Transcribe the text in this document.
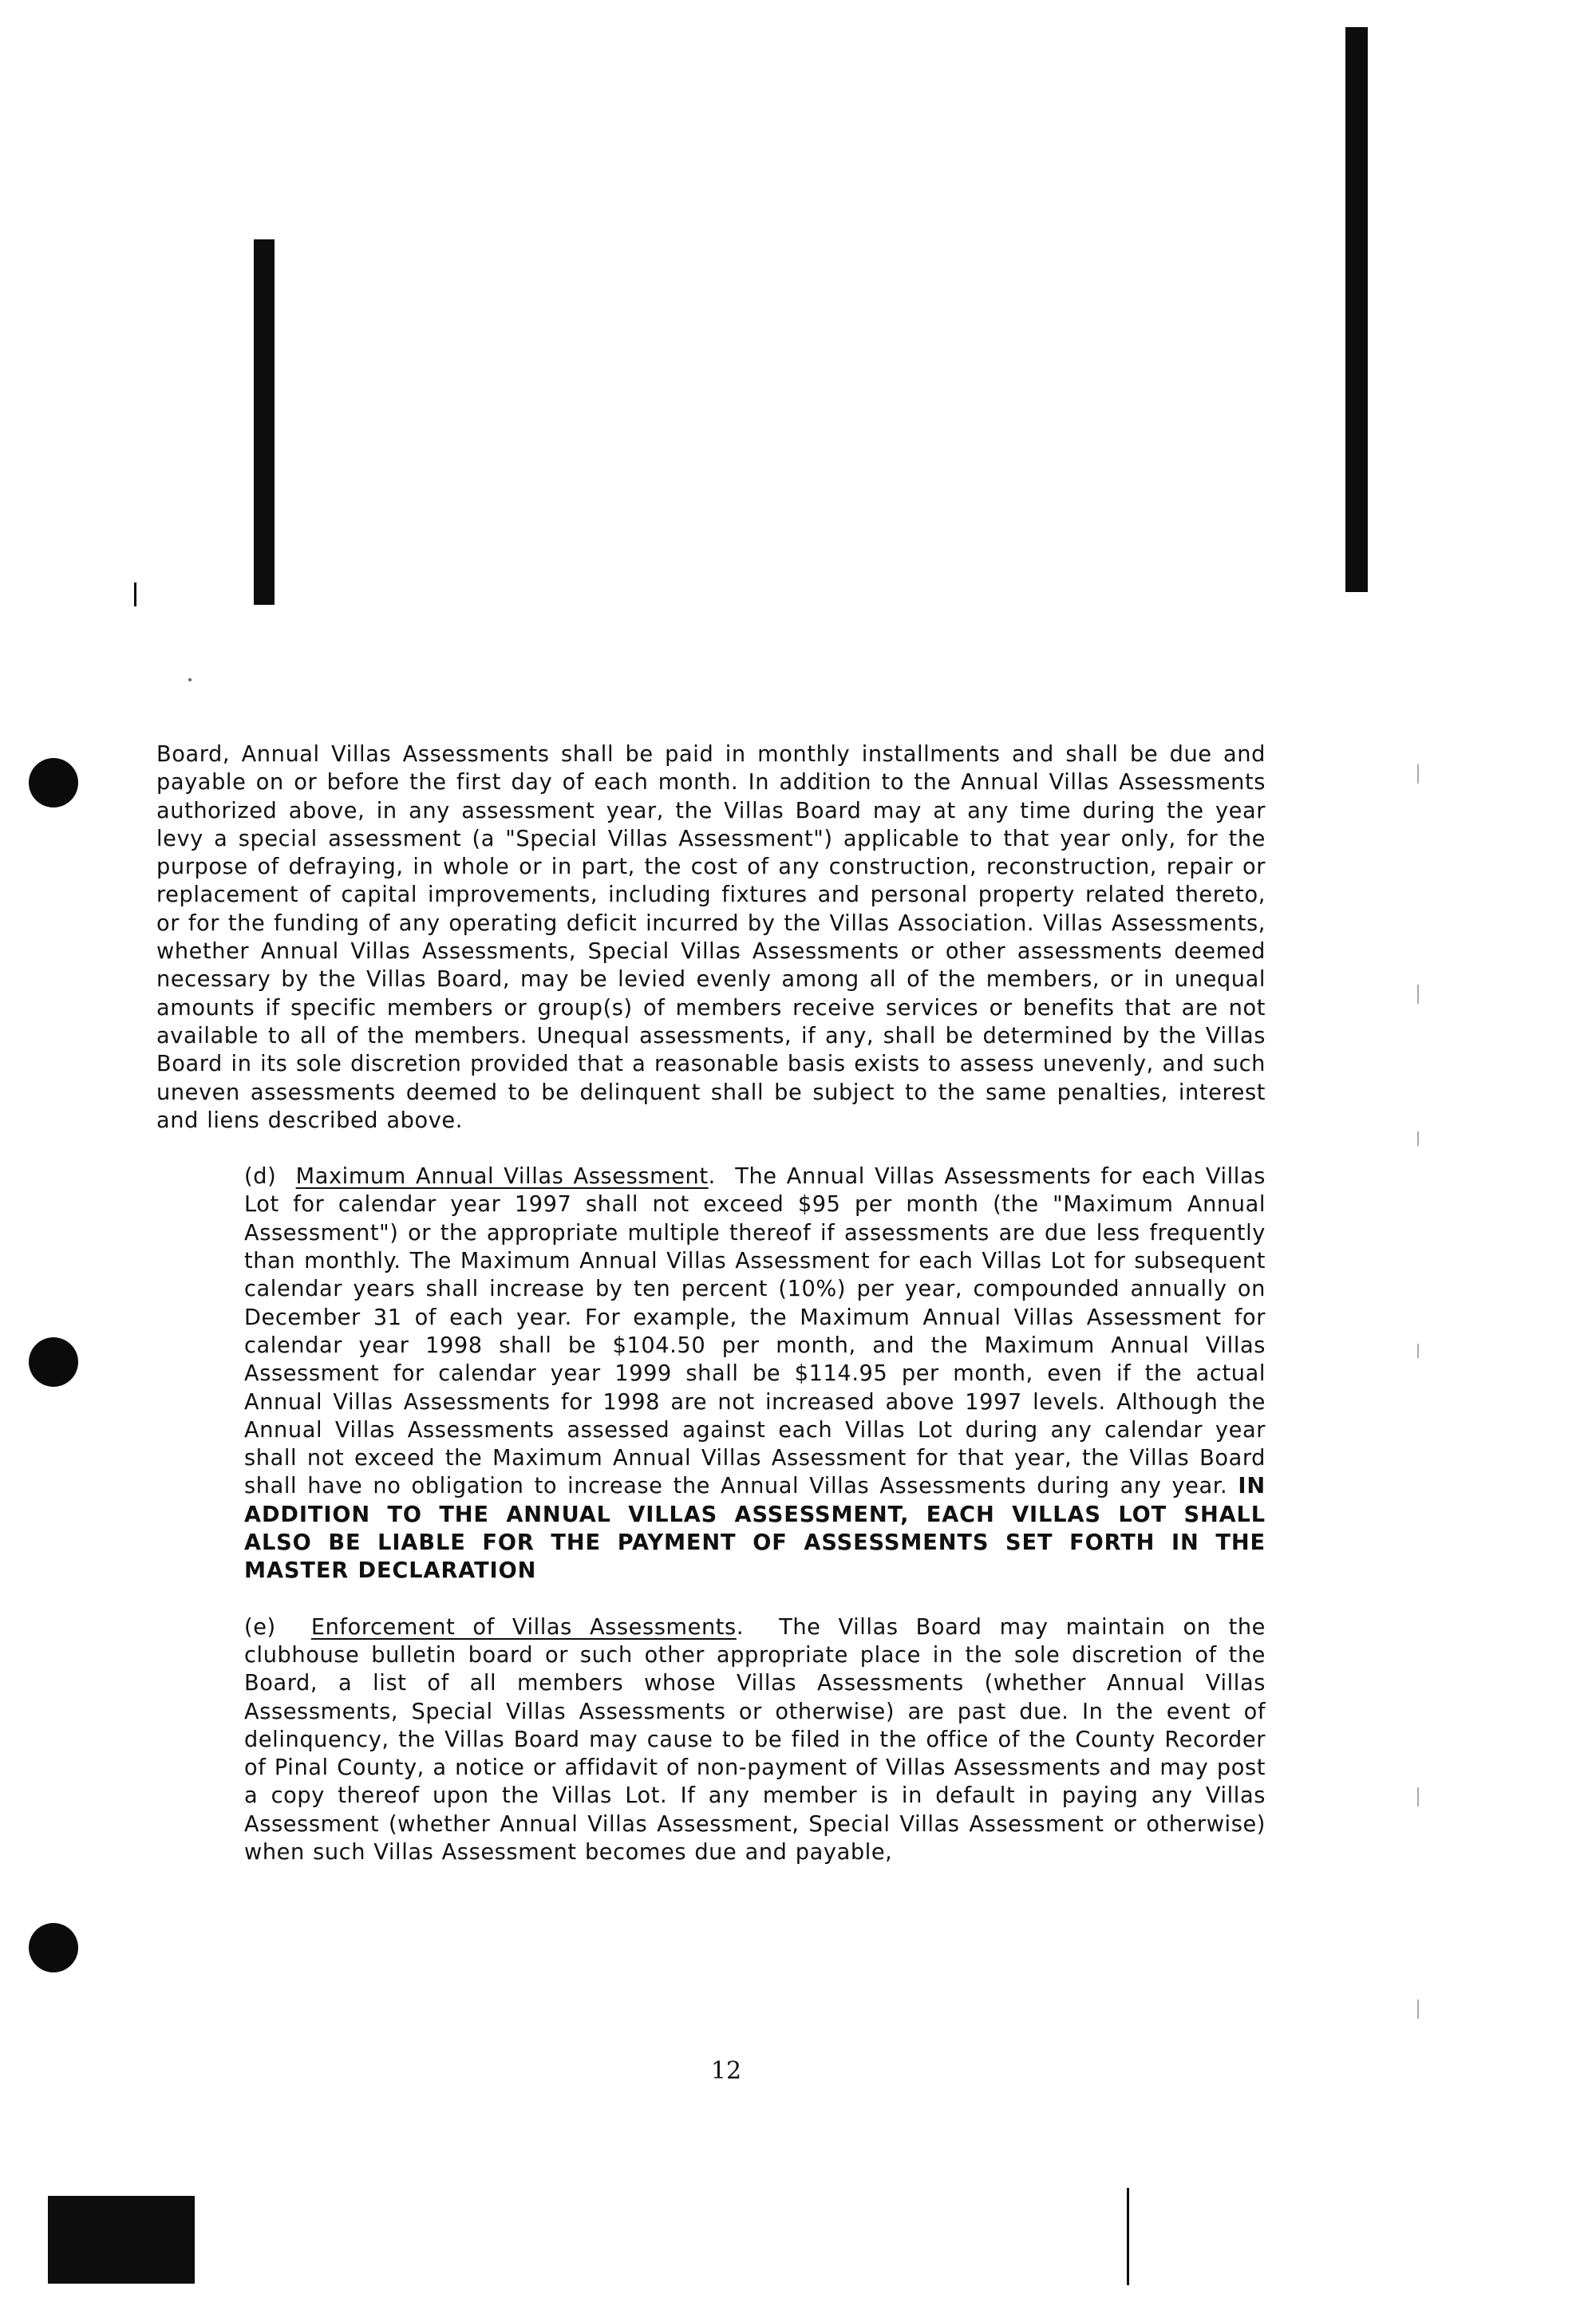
Board, Annual Villas Assessments shall be paid in monthly installments and shall be due and payable on or before the first day of each month. In addition to the Annual Villas Assessments authorized above, in any assessment year, the Villas Board may at any time during the year levy a special assessment (a "Special Villas Assessment") applicable to that year only, for the purpose of defraying, in whole or in part, the cost of any construction, reconstruction, repair or replacement of capital improvements, including fixtures and personal property related thereto, or for the funding of any operating deficit incurred by the Villas Association. Villas Assessments, whether Annual Villas Assessments, Special Villas Assessments or other assessments deemed necessary by the Villas Board, may be levied evenly among all of the members, or in unequal amounts if specific members or group(s) of members receive services or benefits that are not available to all of the members. Unequal assessments, if any, shall be determined by the Villas Board in its sole discretion provided that a reasonable basis exists to assess unevenly, and such uneven assessments deemed to be delinquent shall be subject to the same penalties, interest and liens described above.

(d) Maximum Annual Villas Assessment.  The Annual Villas Assessments for each Villas Lot for calendar year 1997 shall not exceed $95 per month (the "Maximum Annual Assessment") or the appropriate multiple thereof if assessments are due less frequently than monthly. The Maximum Annual Villas Assessment for each Villas Lot for subsequent calendar years shall increase by ten percent (10%) per year, compounded annually on December 31 of each year. For example, the Maximum Annual Villas Assessment for calendar year 1998 shall be $104.50 per month, and the Maximum Annual Villas Assessment for calendar year 1999 shall be $114.95 per month, even if the actual Annual Villas Assessments for 1998 are not increased above 1997 levels. Although the Annual Villas Assessments assessed against each Villas Lot during any calendar year shall not exceed the Maximum Annual Villas Assessment for that year, the Villas Board shall have no obligation to increase the Annual Villas Assessments during any year. IN ADDITION TO THE ANNUAL VILLAS ASSESSMENT, EACH VILLAS LOT SHALL ALSO BE LIABLE FOR THE PAYMENT OF ASSESSMENTS SET FORTH IN THE MASTER DECLARATION

(e) Enforcement of Villas Assessments.  The Villas Board may maintain on the clubhouse bulletin board or such other appropriate place in the sole discretion of the Board, a list of all members whose Villas Assessments (whether Annual Villas Assessments, Special Villas Assessments or otherwise) are past due. In the event of delinquency, the Villas Board may cause to be filed in the office of the County Recorder of Pinal County, a notice or affidavit of non-payment of Villas Assessments and may post a copy thereof upon the Villas Lot. If any member is in default in paying any Villas Assessment (whether Annual Villas Assessment, Special Villas Assessment or otherwise) when such Villas Assessment becomes due and payable,

12
